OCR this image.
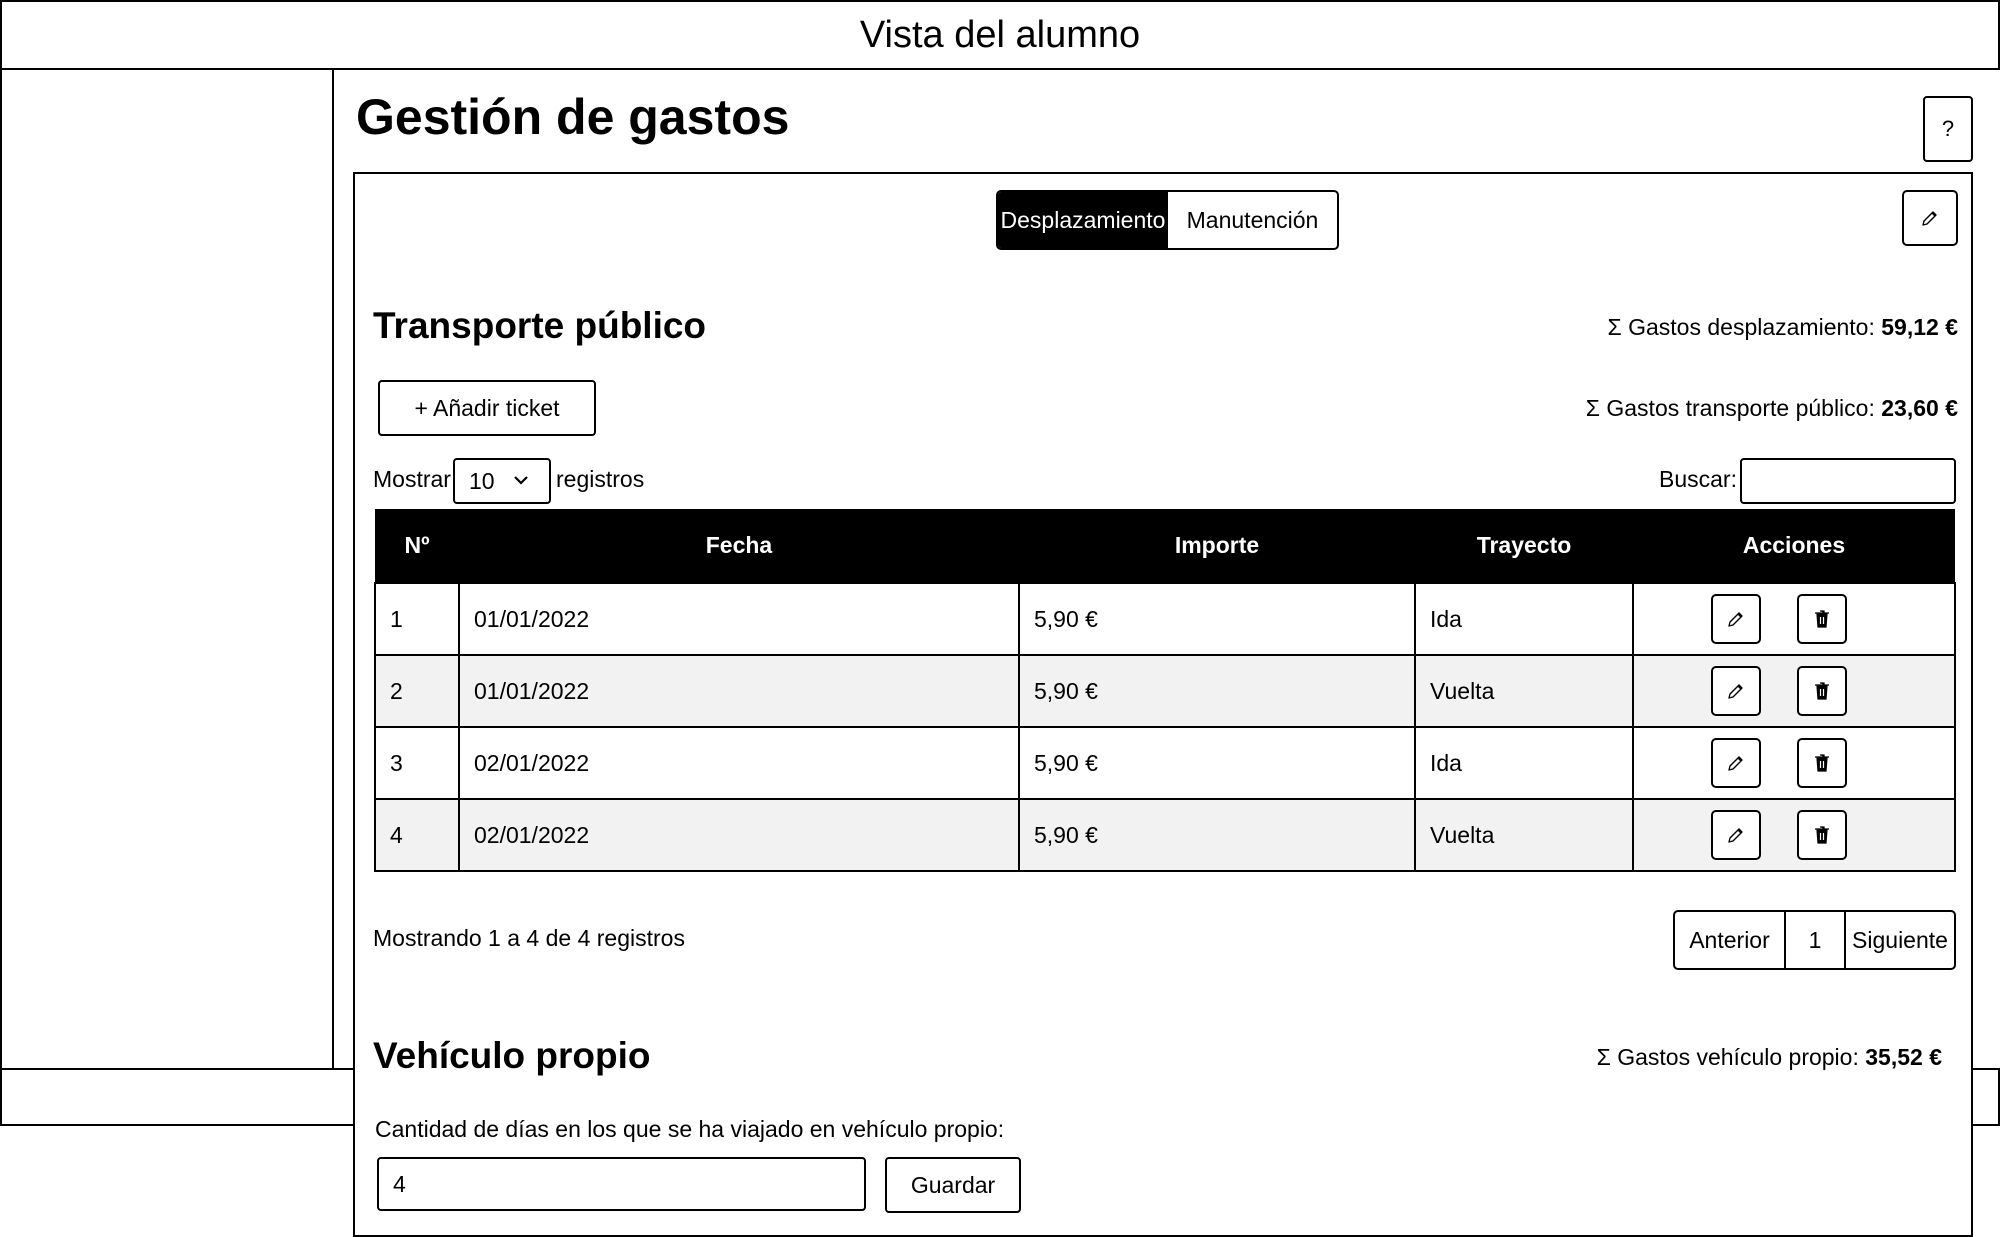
Vista del alumno
Gestión de gastos	?
Desplazamiento Manutención
Transporte público	Σ Gastos desplazamiento: 59,12 €
+ Añadir ticket	Σ Gastos transporte público: 23,60 €
Mostrar 10	registros	Buscar:
Nº	Fecha	Importe	Trayecto	Acciones
1	01/01/2022	5,90 €	Ida	

2	01/01/2022	5,90 €	Vuelta	

3	02/01/2022	5,90 €	Ida	

4	02/01/2022	5,90 €	Vuelta	
Mostrando 1 a 4 de 4 registros	Anterior	1	Siguiente
Vehículo propio	Σ Gastos vehículo propio: 35,52 €
Cantidad de días en los que se ha viajado en vehículo propio:
4	Guardar
